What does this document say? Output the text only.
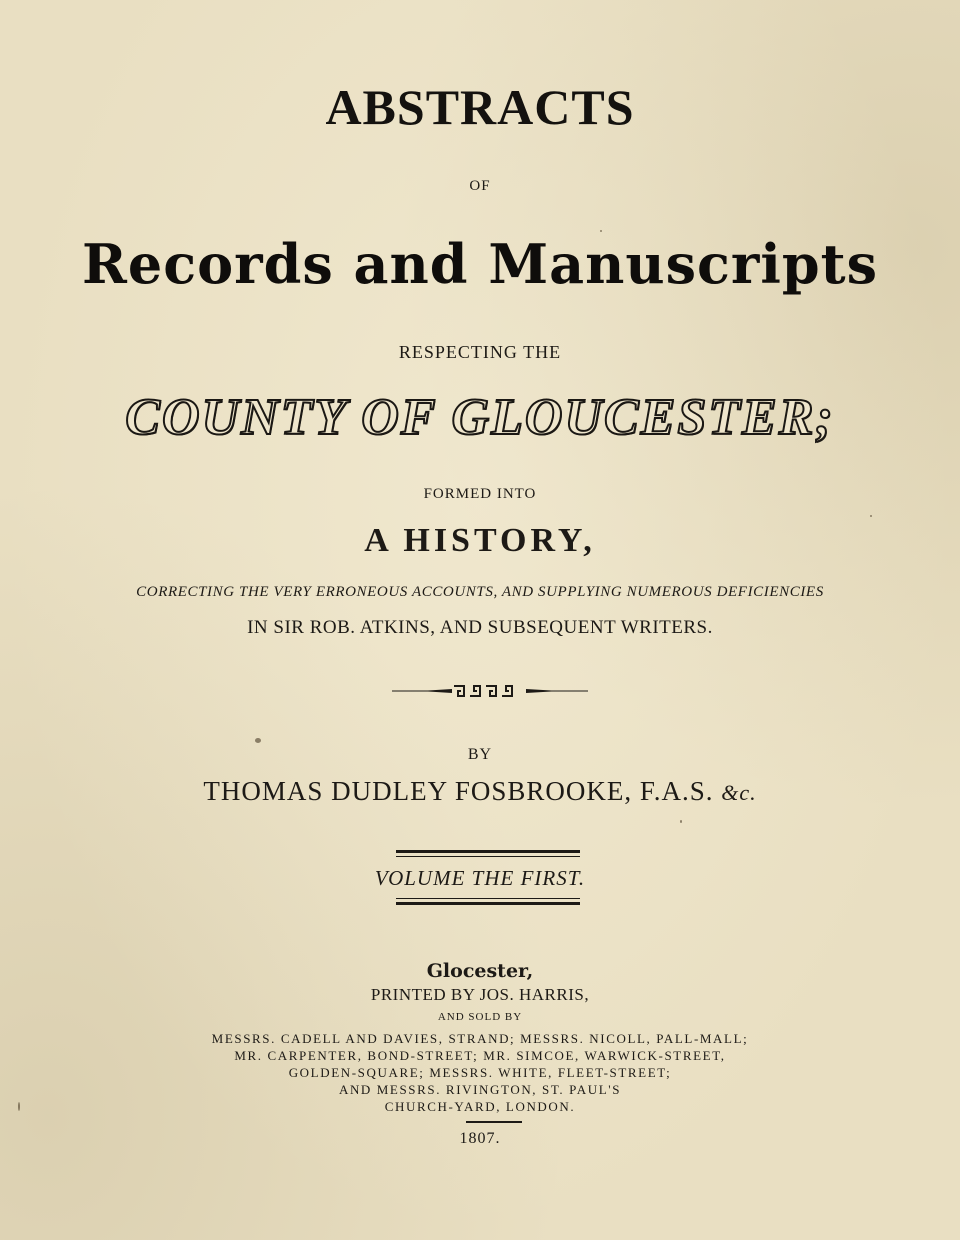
ABSTRACTS

OF

Records and Manuscripts

RESPECTING THE

COUNTY OF GLOUCESTER;

FORMED INTO

A HISTORY,

CORRECTING THE VERY ERRONEOUS ACCOUNTS, AND SUPPLYING NUMEROUS DEFICIENCIES

IN SIR ROB. ATKINS, AND SUBSEQUENT WRITERS.

BY

THOMAS DUDLEY FOSBROOKE, F.A.S. &c.

VOLUME THE FIRST.

Glocester,

PRINTED BY JOS. HARRIS,

AND SOLD BY

MESSRS. CADELL AND DAVIES, STRAND; MESSRS. NICOLL, PALL-MALL;
MR. CARPENTER, BOND-STREET; MR. SIMCOE, WARWICK-STREET,
GOLDEN-SQUARE; MESSRS. WHITE, FLEET-STREET;
AND MESSRS. RIVINGTON, ST. PAUL'S
CHURCH-YARD, LONDON.

1807.
